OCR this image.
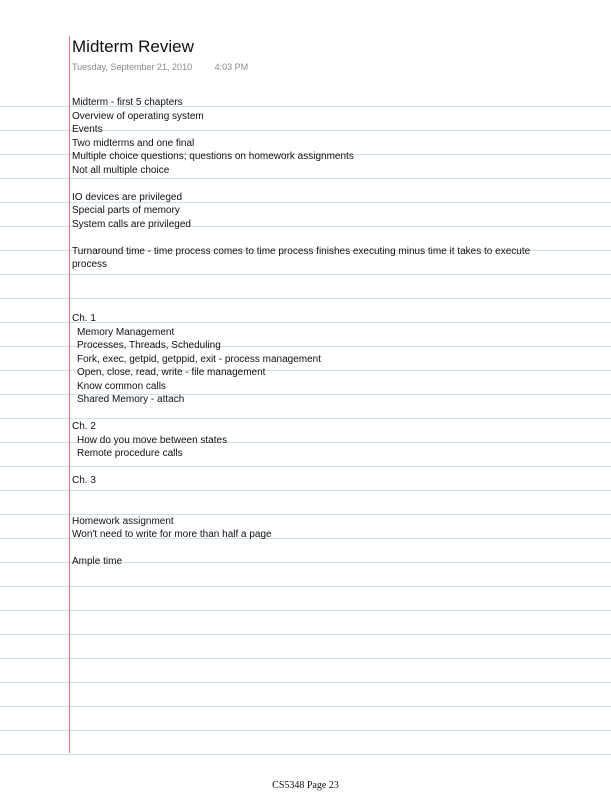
Midterm Review
Tuesday, September 21, 2010	4:03 PM
Midterm - first 5 chapters
Overview of operating system
Events
Two midterms and one final
Multiple choice questions; questions on homework assignments
Not all multiple choice
IO devices are privileged
Special parts of memory
System calls are privileged
Turnaround time - time process comes to time process finishes executing minus time it takes to execute process
Ch. 1
Memory Management
Processes, Threads, Scheduling
Fork, exec, getpid, getppid, exit - process management
Open, close, read, write - file management
Know common calls
Shared Memory - attach
Ch. 2
How do you move between states
Remote procedure calls
Ch. 3
Homework assignment
Won't need to write for more than half a page
Ample time
CS5348 Page 23
